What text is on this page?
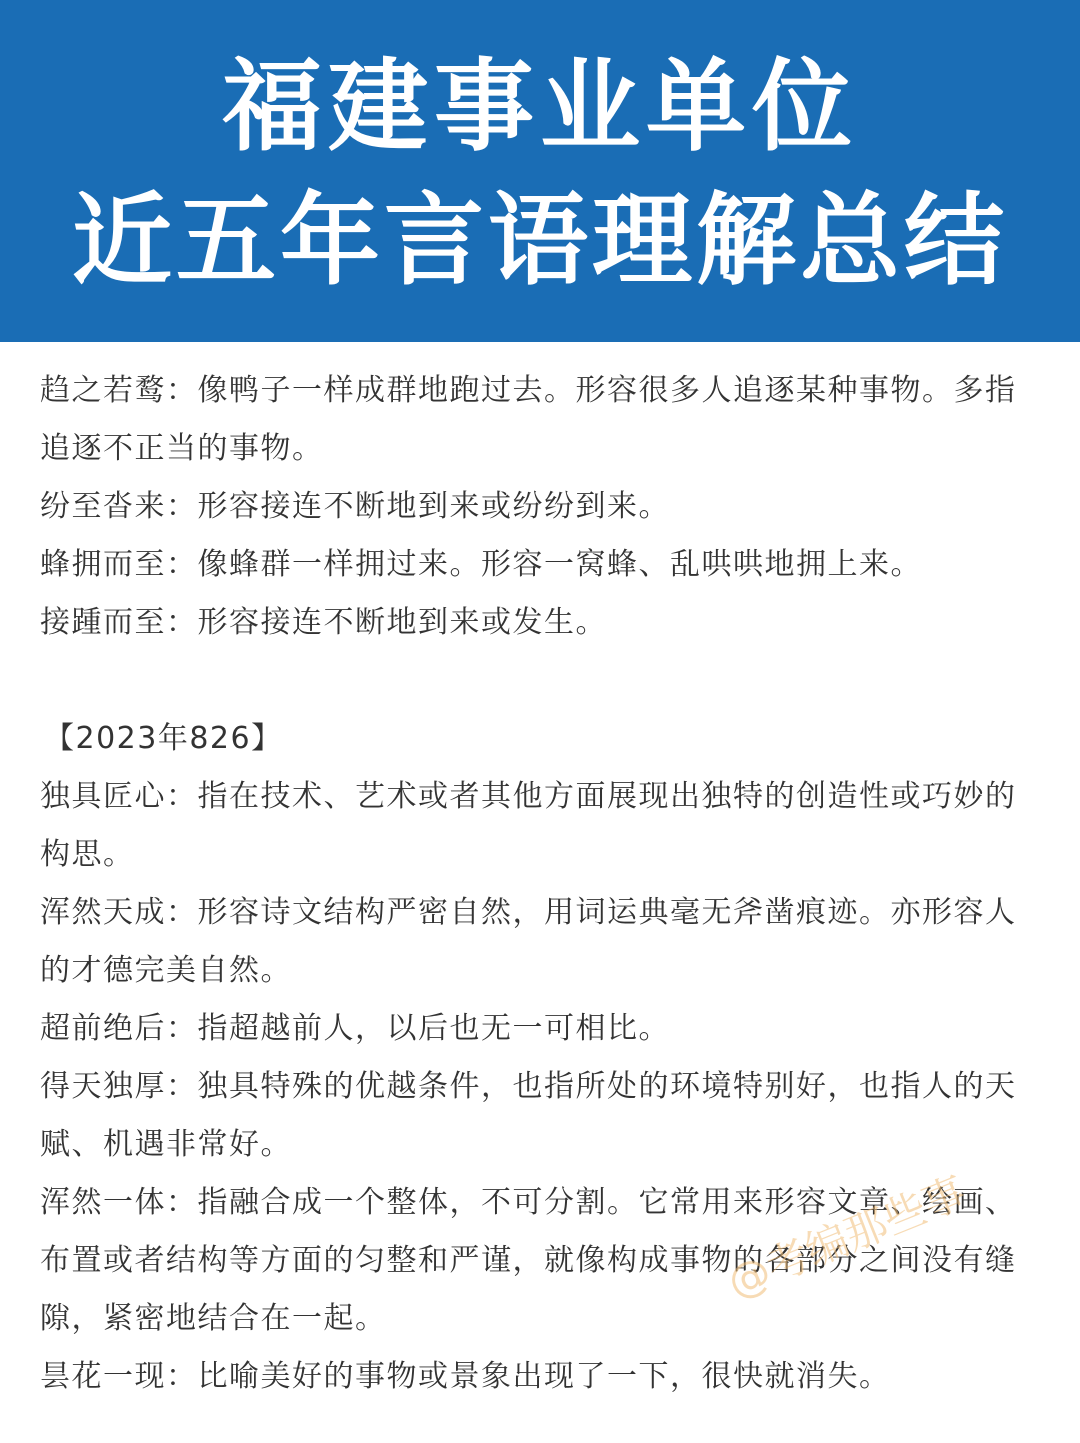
福建事业单位
近五年言语理解总结

趋之若鹜：像鸭子一样成群地跑过去。形容很多人追逐某种事物。多指追逐不正当的事物。

纷至沓来：形容接连不断地到来或纷纷到来。

蜂拥而至：像蜂群一样拥过来。形容一窝蜂、乱哄哄地拥上来。

接踵而至：形容接连不断地到来或发生。

【2023年826】

独具匠心：指在技术、艺术或者其他方面展现出独特的创造性或巧妙的构思。

浑然天成：形容诗文结构严密自然，用词运典毫无斧凿痕迹。亦形容人的才德完美自然。

超前绝后：指超越前人，以后也无一可相比。

得天独厚：独具特殊的优越条件，也指所处的环境特别好，也指人的天赋、机遇非常好。

浑然一体：指融合成一个整体，不可分割。它常用来形容文章、绘画、布置或者结构等方面的匀整和严谨，就像构成事物的各部分之间没有缝隙，紧密地结合在一起。

昙花一现：比喻美好的事物或景象出现了一下，很快就消失。

@考编那些事
